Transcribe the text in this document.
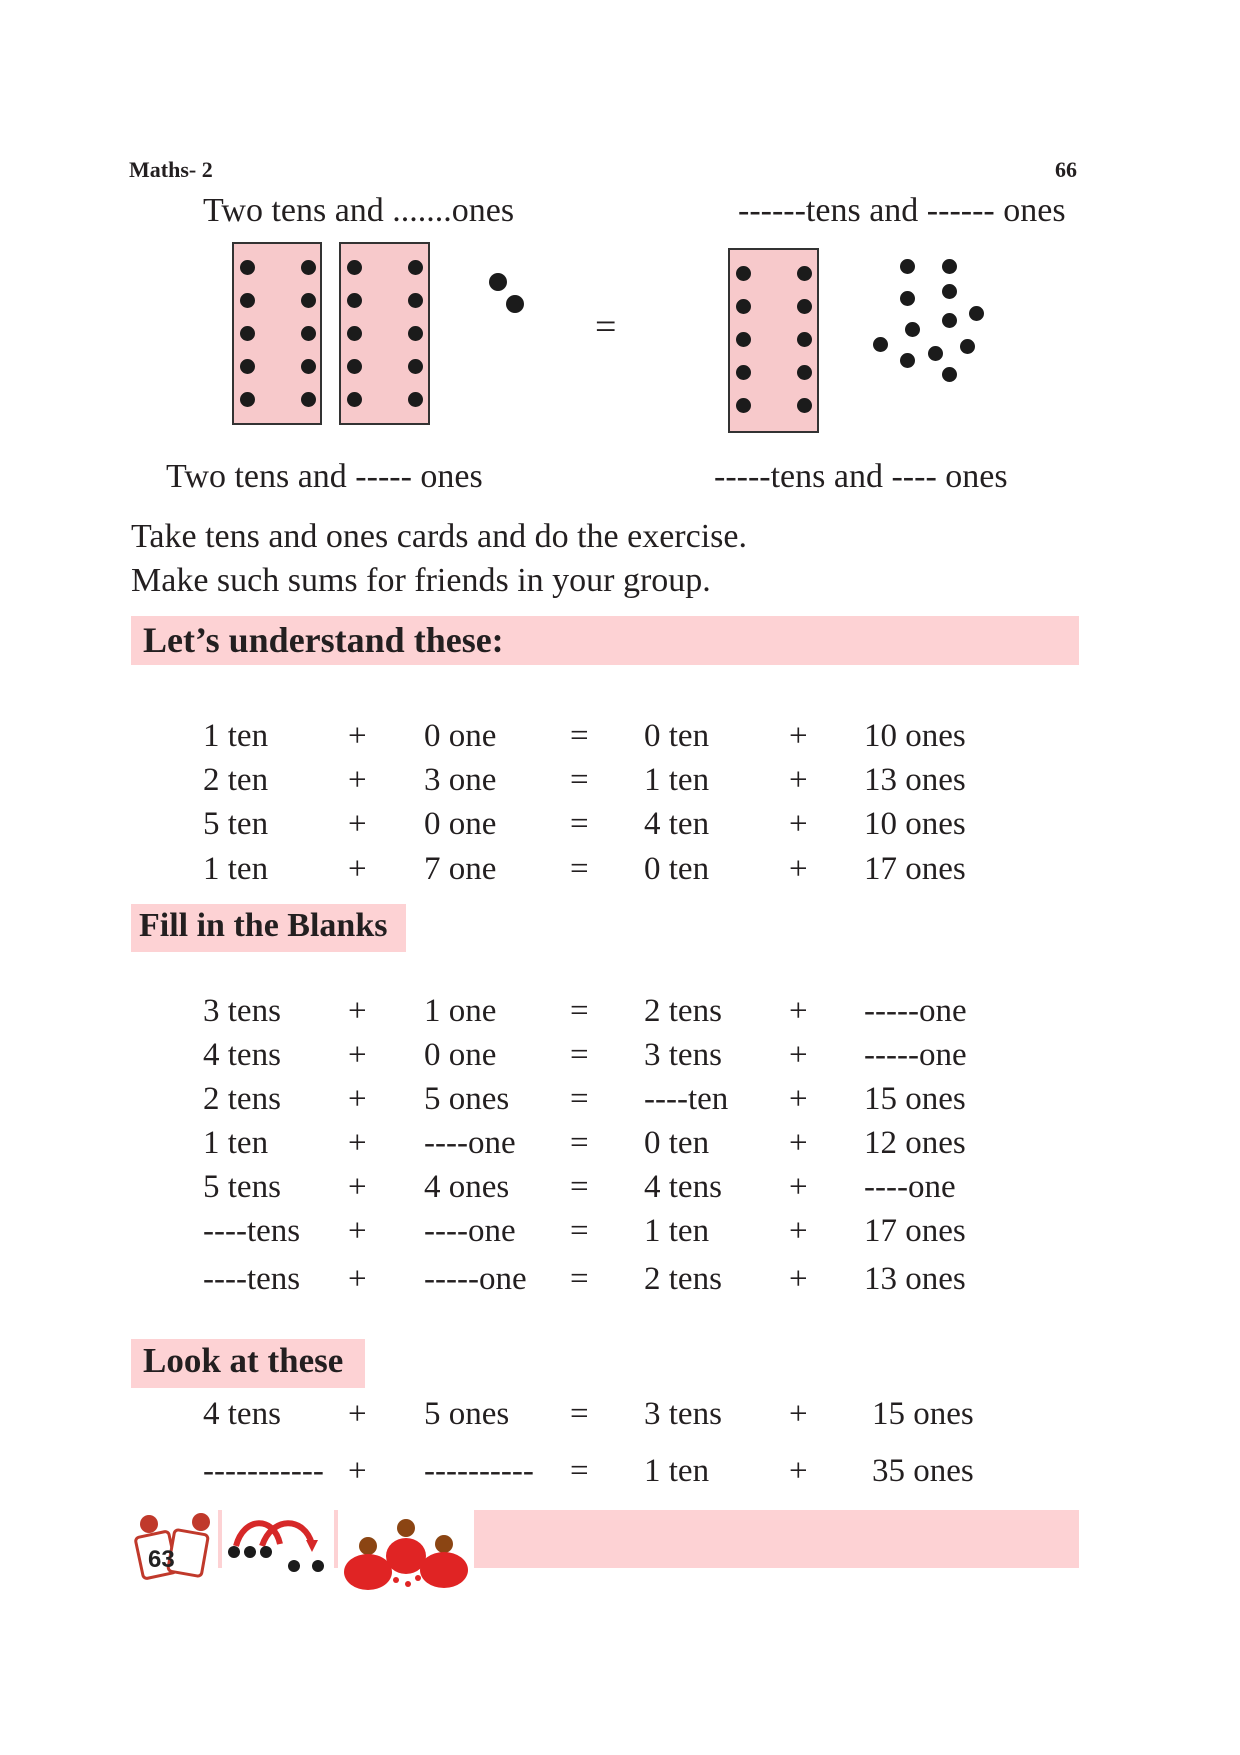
Maths- 2	66
Two tens and .......ones	------tens and ------ ones
=
Two tens and ----- ones	-----tens and ---- ones
Take tens and ones cards and do the exercise.
Make such sums for friends in your group.
Let’s understand these:
1 ten + 0 one = 0 ten + 10 ones
2 ten + 3 one = 1 ten + 13 ones
5 ten + 0 one = 4 ten + 10 ones
1 ten + 7 one = 0 ten + 17 ones
Fill in the Blanks
3 tens + 1 one = 2 tens + -----one
4 tens + 0 one = 3 tens + -----one
2 tens + 5 ones = ----ten + 15 ones
1 ten + ----one = 0 ten + 12 ones
5 tens + 4 ones = 4 tens + ----one
----tens + ----one = 1 ten + 17 ones
----tens + -----one = 2 tens + 13 ones
Look at these
4 tens + 5 ones = 3 tens + 15 ones
----------- + ---------- = 1 ten + 35 ones
63
